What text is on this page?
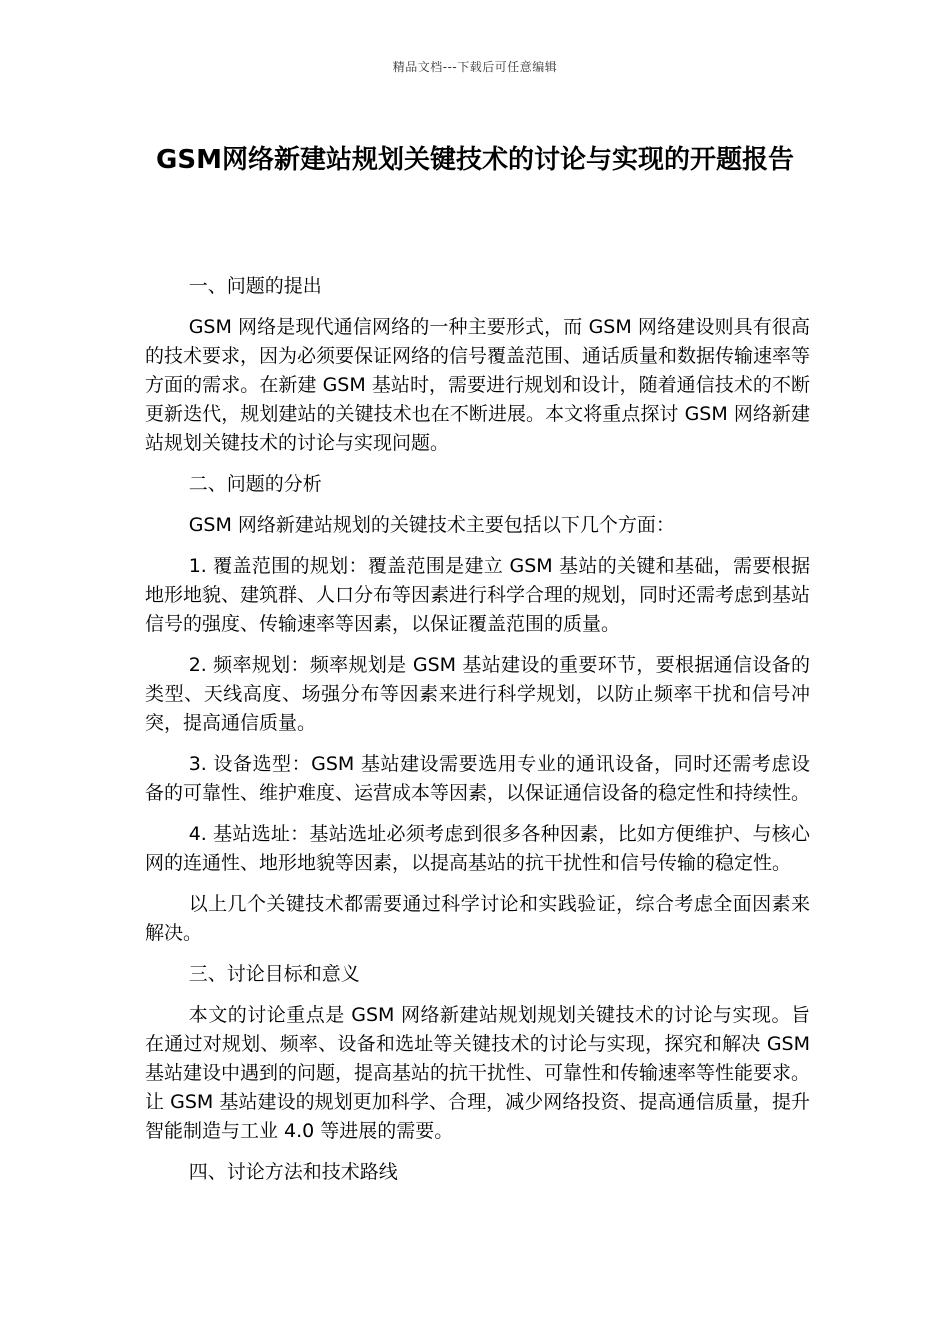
精品文档---下载后可任意编辑
GSM网络新建站规划关键技术的讨论与实现的开题报告

一、问题的提出

GSM 网络是现代通信网络的一种主要形式，而 GSM 网络建设则具有很高的技术要求，因为必须要保证网络的信号覆盖范围、通话质量和数据传输速率等方面的需求。在新建 GSM 基站时，需要进行规划和设计，随着通信技术的不断更新迭代，规划建站的关键技术也在不断进展。本文将重点探讨 GSM 网络新建站规划关键技术的讨论与实现问题。

二、问题的分析

GSM 网络新建站规划的关键技术主要包括以下几个方面：

1. 覆盖范围的规划：覆盖范围是建立 GSM 基站的关键和基础，需要根据地形地貌、建筑群、人口分布等因素进行科学合理的规划，同时还需考虑到基站信号的强度、传输速率等因素，以保证覆盖范围的质量。

2. 频率规划：频率规划是 GSM 基站建设的重要环节，要根据通信设备的类型、天线高度、场强分布等因素来进行科学规划，以防止频率干扰和信号冲突，提高通信质量。

3. 设备选型：GSM 基站建设需要选用专业的通讯设备，同时还需考虑设备的可靠性、维护难度、运营成本等因素，以保证通信设备的稳定性和持续性。

4. 基站选址：基站选址必须考虑到很多各种因素，比如方便维护、与核心网的连通性、地形地貌等因素，以提高基站的抗干扰性和信号传输的稳定性。

以上几个关键技术都需要通过科学讨论和实践验证，综合考虑全面因素来解决。

三、讨论目标和意义

本文的讨论重点是 GSM 网络新建站规划规划关键技术的讨论与实现。旨在通过对规划、频率、设备和选址等关键技术的讨论与实现，探究和解决 GSM 基站建设中遇到的问题，提高基站的抗干扰性、可靠性和传输速率等性能要求。让 GSM 基站建设的规划更加科学、合理，减少网络投资、提高通信质量，提升智能制造与工业 4.0 等进展的需要。

四、讨论方法和技术路线
